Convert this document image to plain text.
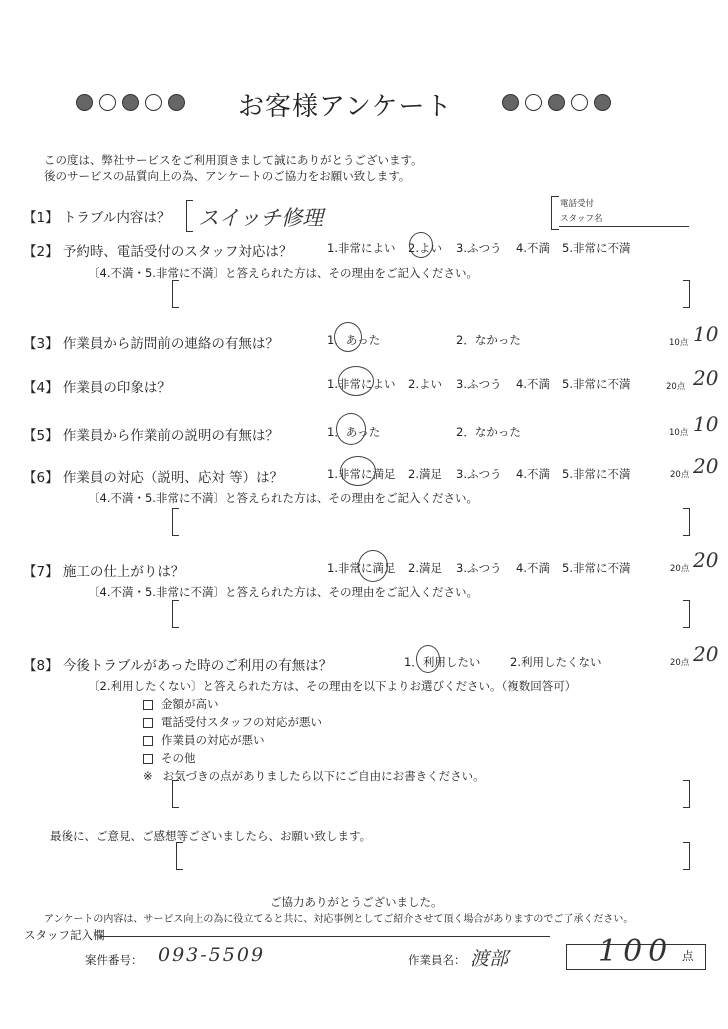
お客様アンケート
この度は、弊社サービスをご利用頂きまして誠にありがとうございます。
後のサービスの品質向上の為、アンケートのご協力をお願い致します。
電話受付
スタッフ名
【1】 トラブル内容は？ スイッチ修理
【2】 予約時、電話受付のスタッフ対応は？	1.非常によい 2.よい 3.ふつう 4.不満 5.非常に不満
〔4.不満・5.非常に不満〕と答えられた方は、その理由をご記入ください。
【3】 作業員から訪問前の連絡の有無は？	1．あった	2．なかった	10点 10
【4】 作業員の印象は？	1.非常によい 2.よい 3.ふつう 4.不満 5.非常に不満	20点 20
【5】 作業員から作業前の説明の有無は？	1．あった	2．なかった	10点 10
【6】 作業員の対応（説明、応対 等）は？	1.非常に満足 2.満足 3.ふつう 4.不満 5.非常に不満	20点 20
〔4.不満・5.非常に不満〕と答えられた方は、その理由をご記入ください。
【7】 施工の仕上がりは？	1.非常に満足 2.満足 3.ふつう 4.不満 5.非常に不満	20点 20
〔4.不満・5.非常に不満〕と答えられた方は、その理由をご記入ください。
【8】 今後トラブルがあった時のご利用の有無は？	1．利用したい	2.利用したくない	20点 20
〔2.利用したくない〕と答えられた方は、その理由を以下よりお選びください。（複数回答可）
金額が高い
電話受付スタッフの対応が悪い
作業員の対応が悪い
その他
※ お気づきの点がありましたら以下にご自由にお書きください。
最後に、ご意見、ご感想等ございましたら、お願い致します。
ご協力ありがとうございました。
アンケートの内容は、サービス向上の為に役立てると共に、対応事例としてご紹介させて頂く場合がありますのでご了承ください。
スタッフ記入欄
案件番号： 093-5509	作業員名： 渡部	100 点
